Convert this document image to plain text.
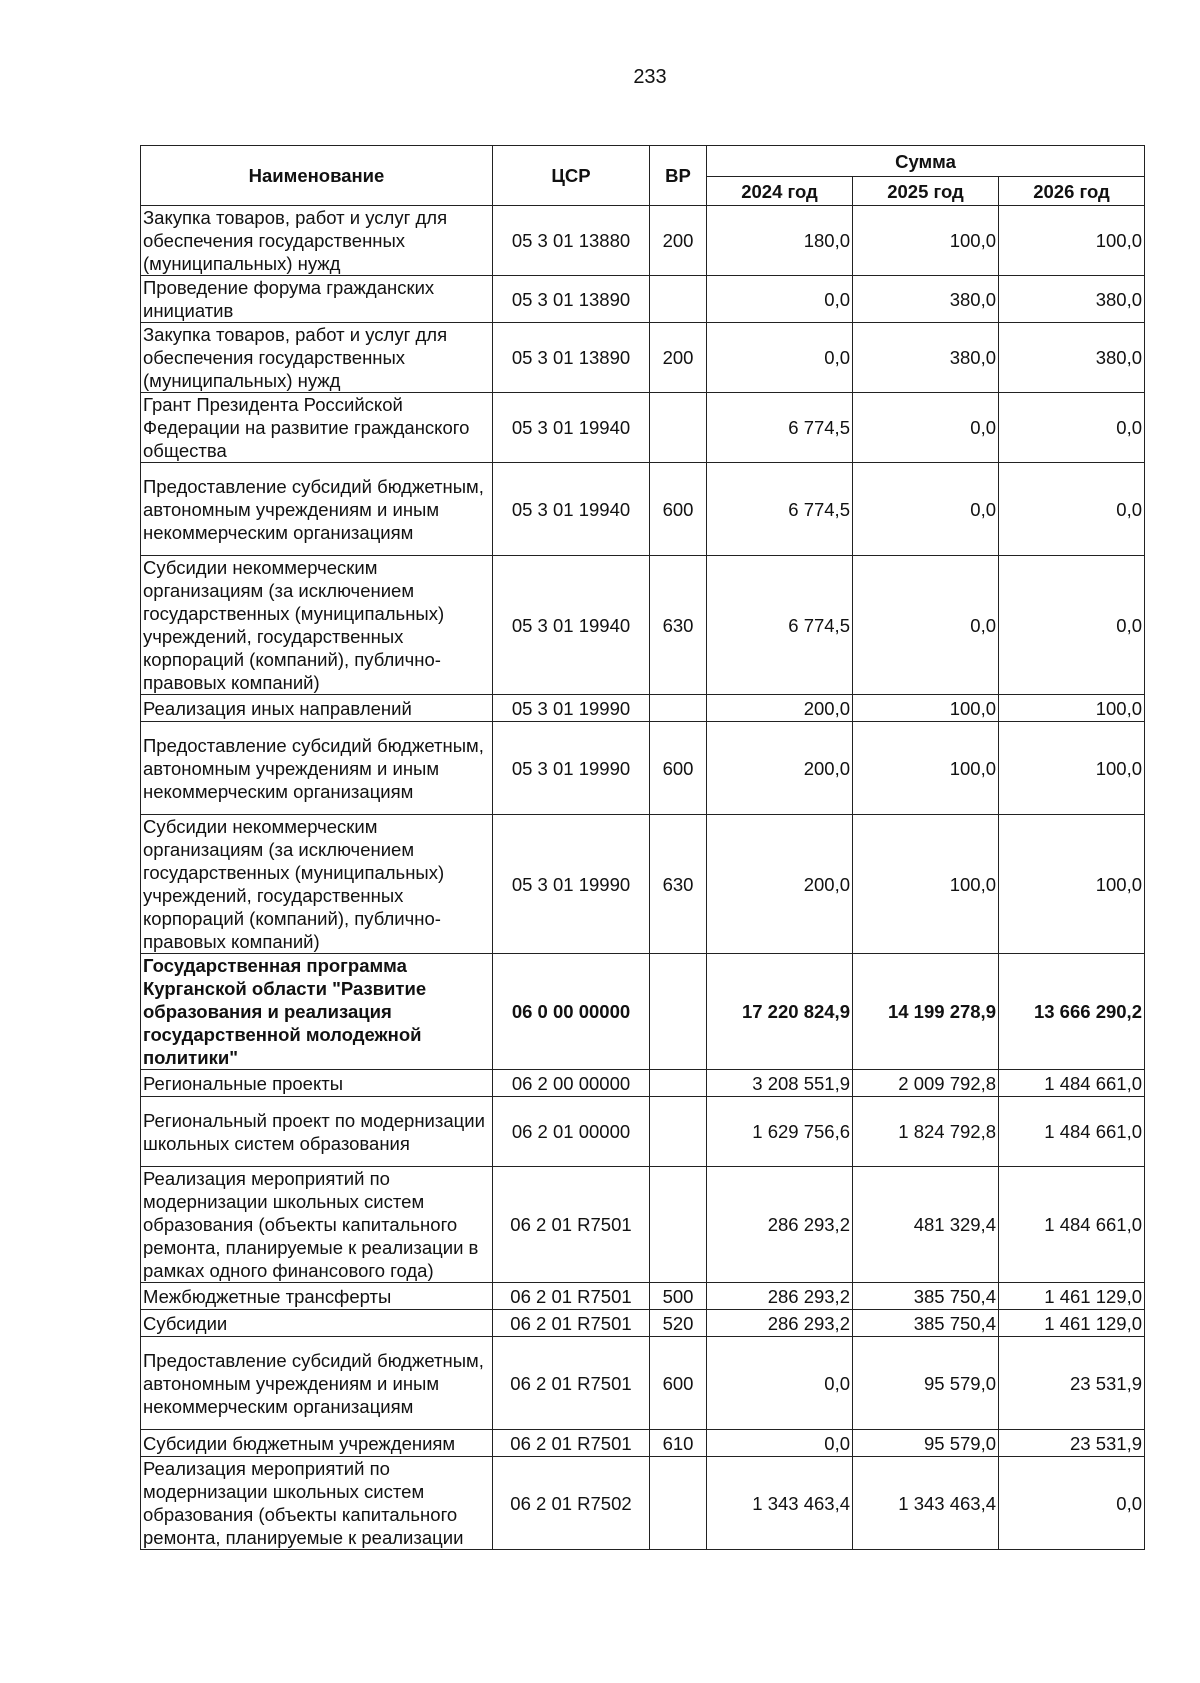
233
Наименование	ЦСР	ВР	Сумма		
			2024 год	2025 год	2026 год
Закупка товаров, работ и услуг для обеспечения государственных (муниципальных) нужд	05 3 01 13880	200	180,0	100,0	100,0
Проведение форума гражданских инициатив	05 3 01 13890		0,0	380,0	380,0
Закупка товаров, работ и услуг для обеспечения государственных (муниципальных) нужд	05 3 01 13890	200	0,0	380,0	380,0
Грант Президента Российской Федерации на развитие гражданского общества	05 3 01 19940		6 774,5	0,0	0,0
Предоставление субсидий бюджетным, автономным учреждениям и иным некоммерческим организациям	05 3 01 19940	600	6 774,5	0,0	0,0
Субсидии некоммерческим организациям (за исключением государственных (муниципальных) учреждений, государственных корпораций (компаний), публично-правовых компаний)	05 3 01 19940	630	6 774,5	0,0	0,0
Реализация иных направлений	05 3 01 19990		200,0	100,0	100,0
Предоставление субсидий бюджетным, автономным учреждениям и иным некоммерческим организациям	05 3 01 19990	600	200,0	100,0	100,0
Субсидии некоммерческим организациям (за исключением государственных (муниципальных) учреждений, государственных корпораций (компаний), публично-правовых компаний)	05 3 01 19990	630	200,0	100,0	100,0
Государственная программа Курганской области "Развитие образования и реализация государственной молодежной политики"	06 0 00 00000		17 220 824,9	14 199 278,9	13 666 290,2
Региональные проекты	06 2 00 00000		3 208 551,9	2 009 792,8	1 484 661,0
Региональный проект по модернизации школьных систем образования	06 2 01 00000		1 629 756,6	1 824 792,8	1 484 661,0
Реализация мероприятий по модернизации школьных систем образования (объекты капитального ремонта, планируемые к реализации в рамках одного финансового года)	06 2 01 R7501		286 293,2	481 329,4	1 484 661,0
Межбюджетные трансферты	06 2 01 R7501	500	286 293,2	385 750,4	1 461 129,0
Субсидии	06 2 01 R7501	520	286 293,2	385 750,4	1 461 129,0
Предоставление субсидий бюджетным, автономным учреждениям и иным некоммерческим организациям	06 2 01 R7501	600	0,0	95 579,0	23 531,9
Субсидии бюджетным учреждениям	06 2 01 R7501	610	0,0	95 579,0	23 531,9
Реализация мероприятий по модернизации школьных систем образования (объекты капитального ремонта, планируемые к реализации	06 2 01 R7502		1 343 463,4	1 343 463,4	0,0
